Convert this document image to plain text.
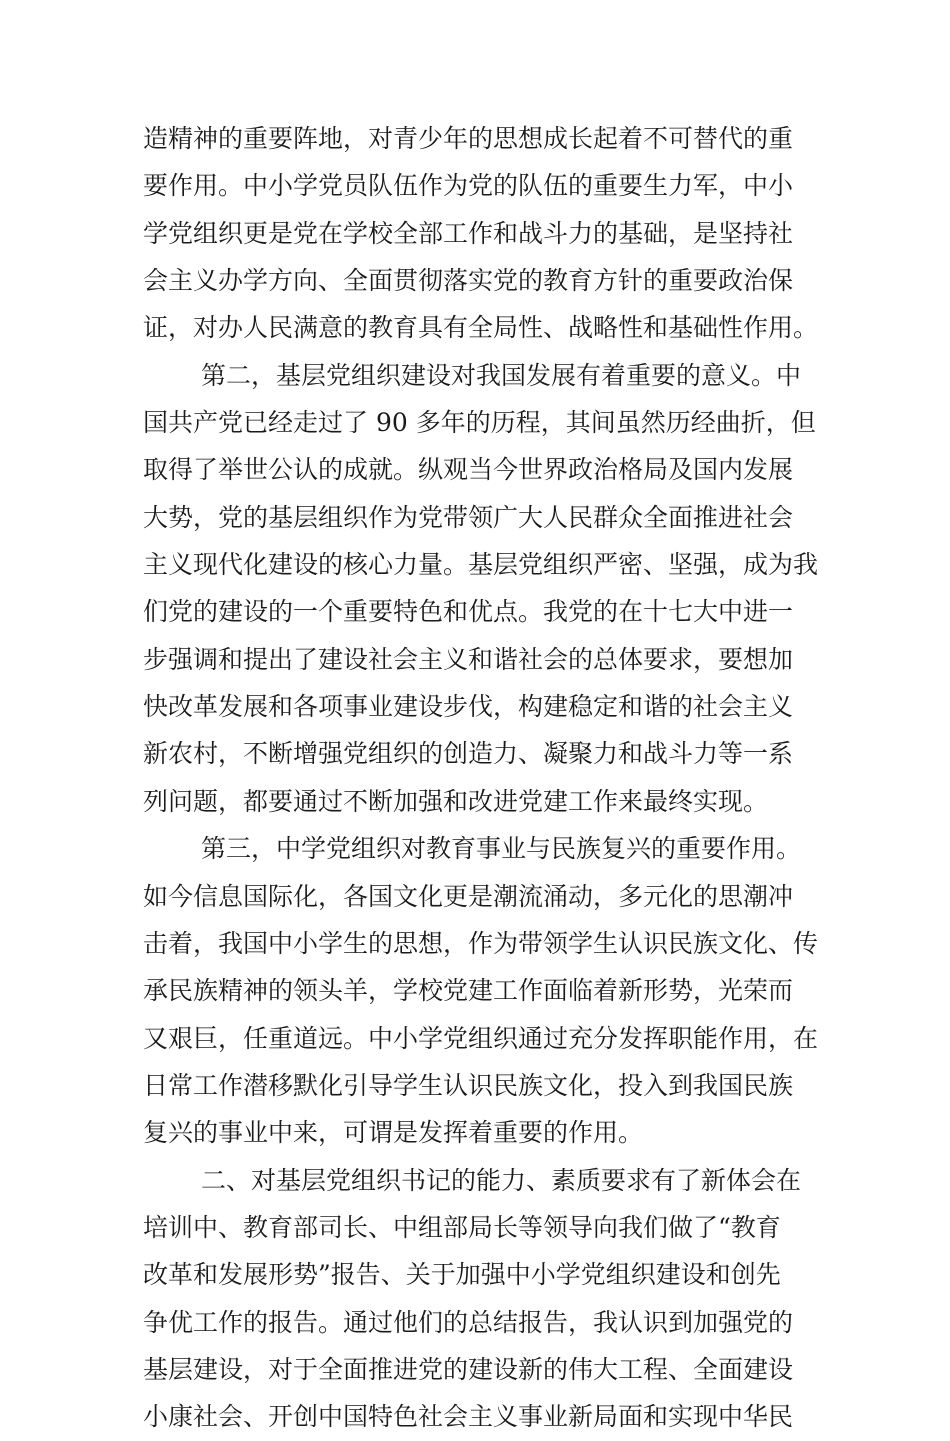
造精神的重要阵地，对青少年的思想成长起着不可替代的重
要作用。中小学党员队伍作为党的队伍的重要生力军，中小
学党组织更是党在学校全部工作和战斗力的基础，是坚持社
会主义办学方向、全面贯彻落实党的教育方针的重要政治保
证，对办人民满意的教育具有全局性、战略性和基础性作用。
第二，基层党组织建设对我国发展有着重要的意义。中
国共产党已经走过了 90 多年的历程，其间虽然历经曲折，但
取得了举世公认的成就。纵观当今世界政治格局及国内发展
大势，党的基层组织作为党带领广大人民群众全面推进社会
主义现代化建设的核心力量。基层党组织严密、坚强，成为我
们党的建设的一个重要特色和优点。我党的在十七大中进一
步强调和提出了建设社会主义和谐社会的总体要求，要想加
快改革发展和各项事业建设步伐，构建稳定和谐的社会主义
新农村，不断增强党组织的创造力、凝聚力和战斗力等一系
列问题，都要通过不断加强和改进党建工作来最终实现。
第三，中学党组织对教育事业与民族复兴的重要作用。
如今信息国际化，各国文化更是潮流涌动，多元化的思潮冲
击着，我国中小学生的思想，作为带领学生认识民族文化、传
承民族精神的领头羊，学校党建工作面临着新形势，光荣而
又艰巨，任重道远。中小学党组织通过充分发挥职能作用，在
日常工作潜移默化引导学生认识民族文化，投入到我国民族
复兴的事业中来，可谓是发挥着重要的作用。
二、对基层党组织书记的能力、素质要求有了新体会在
培训中、教育部司长、中组部局长等领导向我们做了“教育
改革和发展形势”报告、关于加强中小学党组织建设和创先
争优工作的报告。通过他们的总结报告，我认识到加强党的
基层建设，对于全面推进党的建设新的伟大工程、全面建设
小康社会、开创中国特色社会主义事业新局面和实现中华民
